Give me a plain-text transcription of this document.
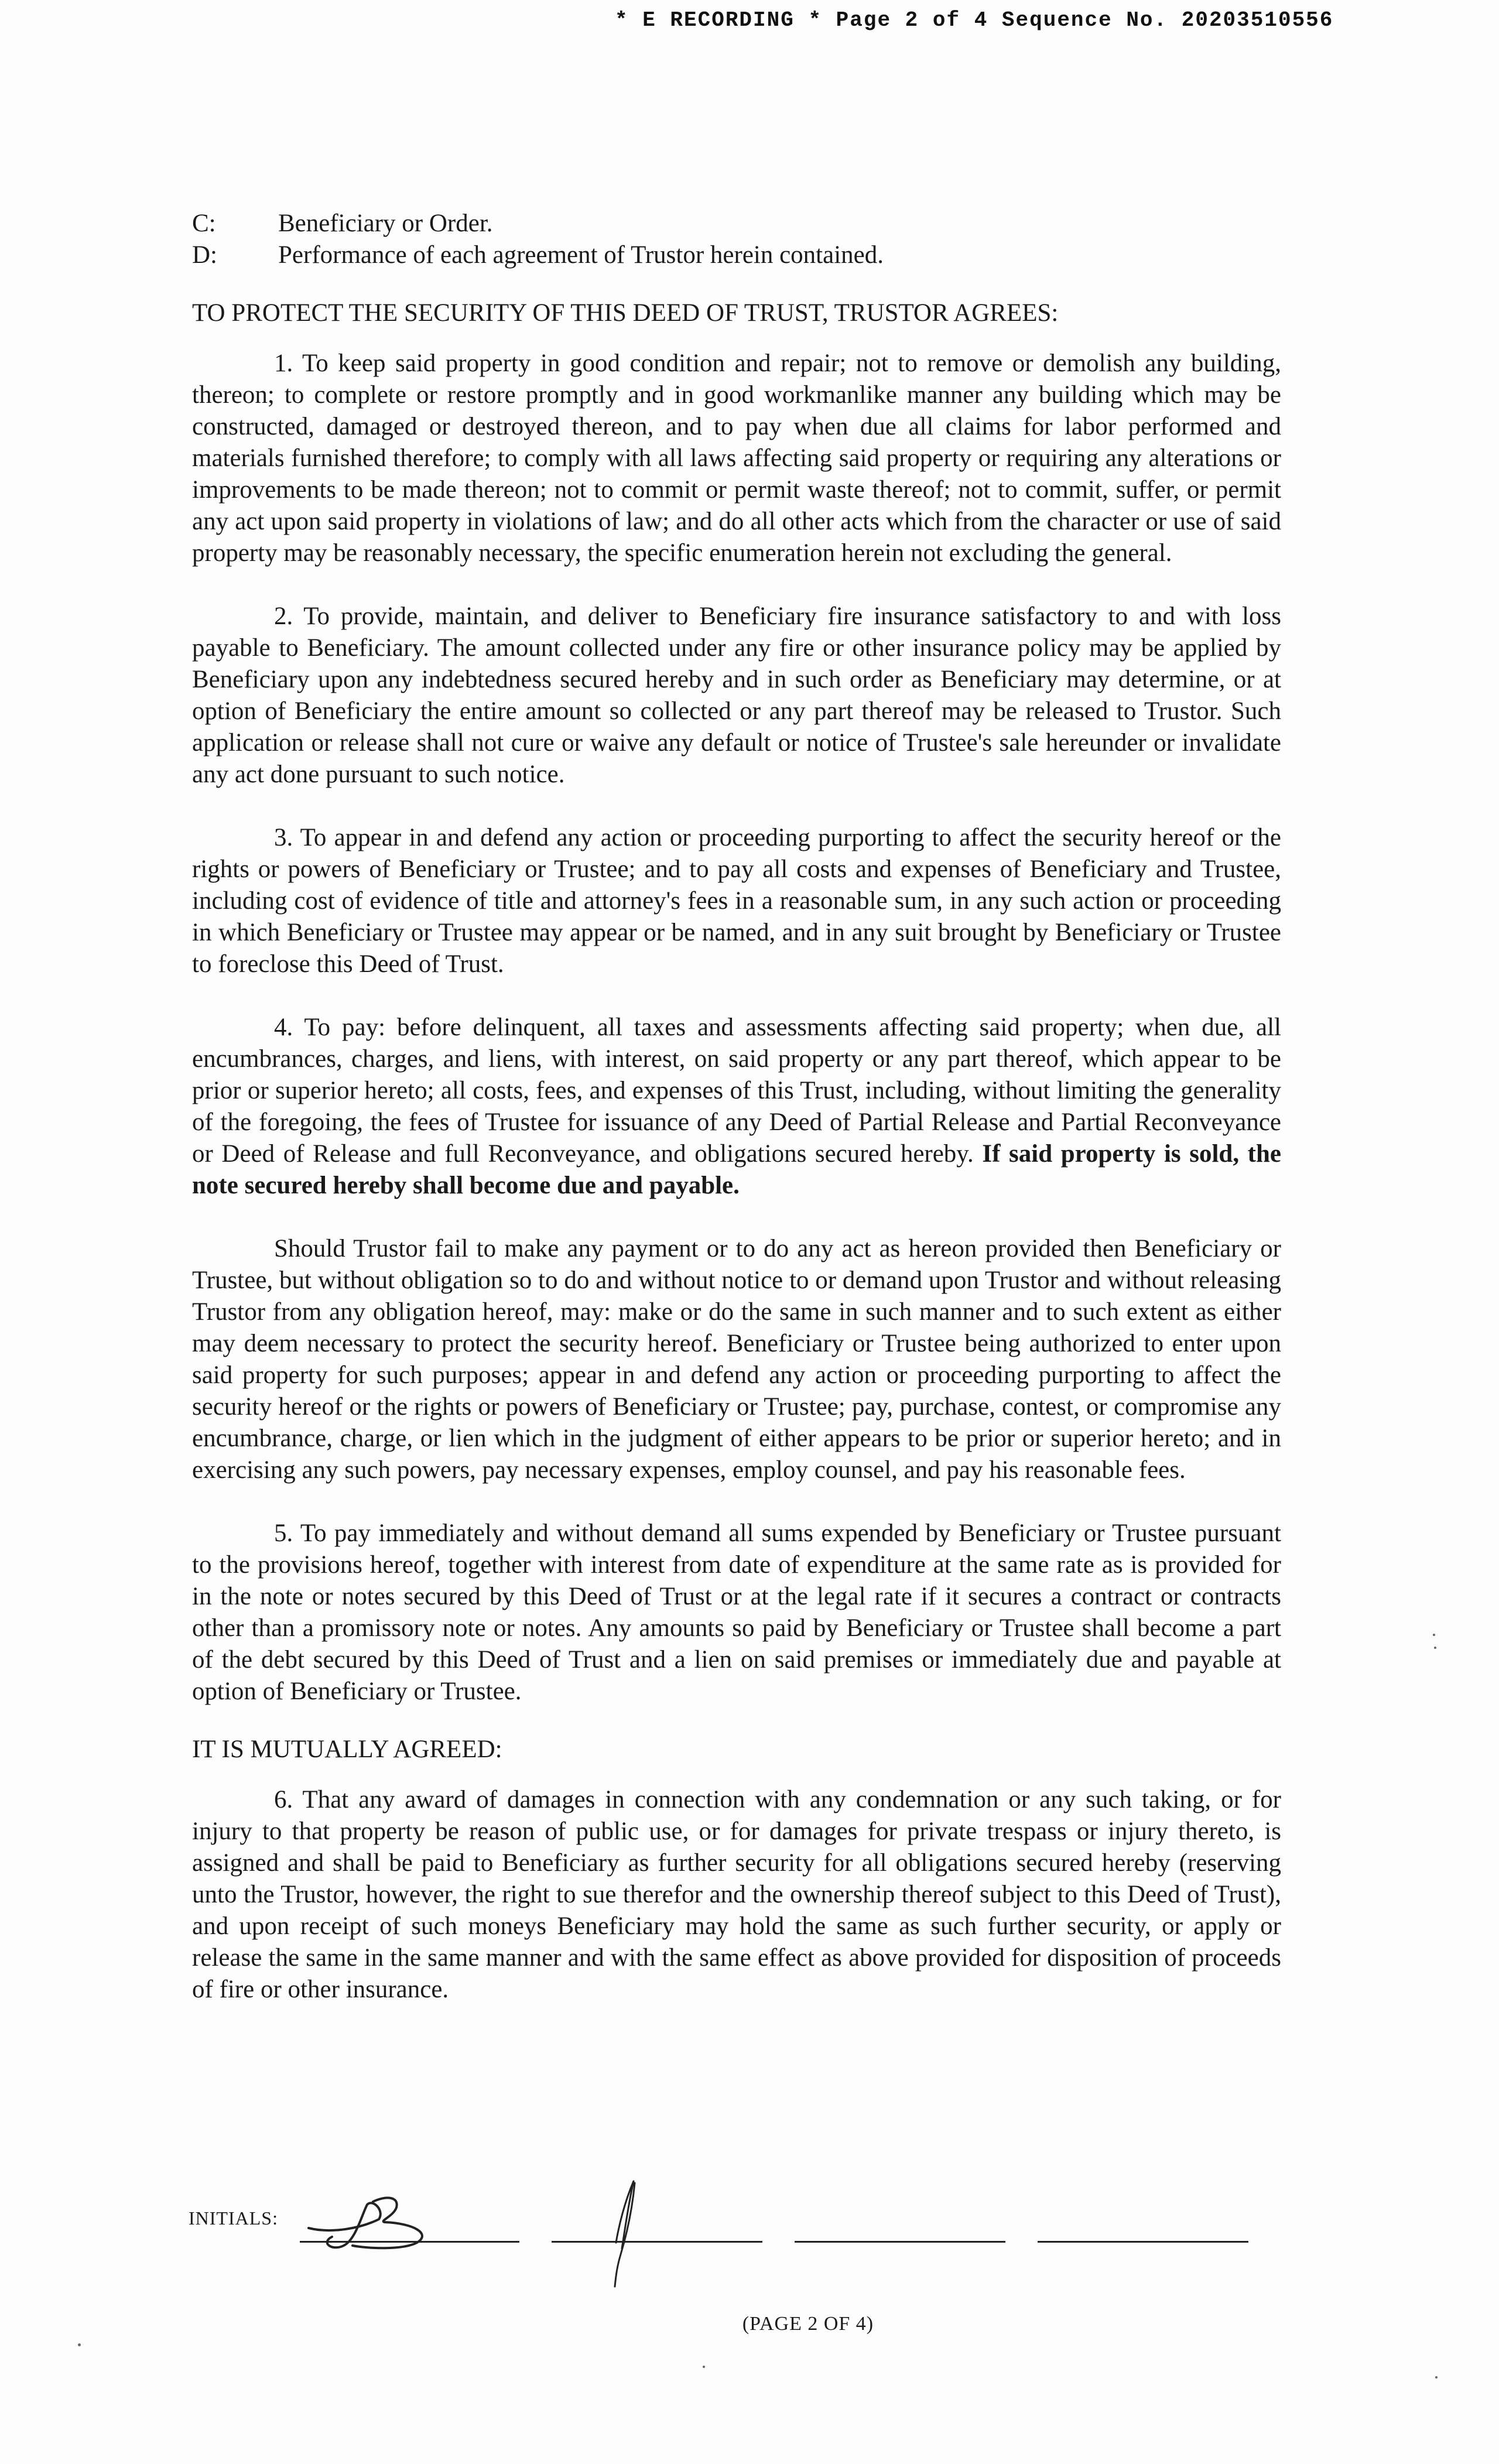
* E RECORDING * Page 2 of 4 Sequence No. 20203510556
C:	Beneficiary or Order.
D:	Performance of each agreement of Trustor herein contained.
TO PROTECT THE SECURITY OF THIS DEED OF TRUST, TRUSTOR AGREES:

1. To keep said property in good condition and repair; not to remove or demolish any building, thereon; to complete or restore promptly and in good workmanlike manner any building which may be constructed, damaged or destroyed thereon, and to pay when due all claims for labor performed and materials furnished therefore; to comply with all laws affecting said property or requiring any alterations or improvements to be made thereon; not to commit or permit waste thereof; not to commit, suffer, or permit any act upon said property in violations of law; and do all other acts which from the character or use of said property may be reasonably necessary, the specific enumeration herein not excluding the general.

2. To provide, maintain, and deliver to Beneficiary fire insurance satisfactory to and with loss payable to Beneficiary. The amount collected under any fire or other insurance policy may be applied by Beneficiary upon any indebtedness secured hereby and in such order as Beneficiary may determine, or at option of Beneficiary the entire amount so collected or any part thereof may be released to Trustor. Such application or release shall not cure or waive any default or notice of Trustee's sale hereunder or invalidate any act done pursuant to such notice.

3. To appear in and defend any action or proceeding purporting to affect the security hereof or the rights or powers of Beneficiary or Trustee; and to pay all costs and expenses of Beneficiary and Trustee, including cost of evidence of title and attorney's fees in a reasonable sum, in any such action or proceeding in which Beneficiary or Trustee may appear or be named, and in any suit brought by Beneficiary or Trustee to foreclose this Deed of Trust.

4. To pay: before delinquent, all taxes and assessments affecting said property; when due, all encumbrances, charges, and liens, with interest, on said property or any part thereof, which appear to be prior or superior hereto; all costs, fees, and expenses of this Trust, including, without limiting the generality of the foregoing, the fees of Trustee for issuance of any Deed of Partial Release and Partial Reconveyance or Deed of Release and full Reconveyance, and obligations secured hereby. If said property is sold, the note secured hereby shall become due and payable.

Should Trustor fail to make any payment or to do any act as hereon provided then Beneficiary or Trustee, but without obligation so to do and without notice to or demand upon Trustor and without releasing Trustor from any obligation hereof, may: make or do the same in such manner and to such extent as either may deem necessary to protect the security hereof. Beneficiary or Trustee being authorized to enter upon said property for such purposes; appear in and defend any action or proceeding purporting to affect the security hereof or the rights or powers of Beneficiary or Trustee; pay, purchase, contest, or compromise any encumbrance, charge, or lien which in the judgment of either appears to be prior or superior hereto; and in exercising any such powers, pay necessary expenses, employ counsel, and pay his reasonable fees.

5. To pay immediately and without demand all sums expended by Beneficiary or Trustee pursuant to the provisions hereof, together with interest from date of expenditure at the same rate as is provided for in the note or notes secured by this Deed of Trust or at the legal rate if it secures a contract or contracts other than a promissory note or notes. Any amounts so paid by Beneficiary or Trustee shall become a part of the debt secured by this Deed of Trust and a lien on said premises or immediately due and payable at option of Beneficiary or Trustee.

IT IS MUTUALLY AGREED:

6. That any award of damages in connection with any condemnation or any such taking, or for injury to that property be reason of public use, or for damages for private trespass or injury thereto, is assigned and shall be paid to Beneficiary as further security for all obligations secured hereby (reserving unto the Trustor, however, the right to sue therefor and the ownership thereof subject to this Deed of Trust), and upon receipt of such moneys Beneficiary may hold the same as such further security, or apply or release the same in the same manner and with the same effect as above provided for disposition of proceeds of fire or other insurance.

INITIALS:
(PAGE 2 OF 4)
